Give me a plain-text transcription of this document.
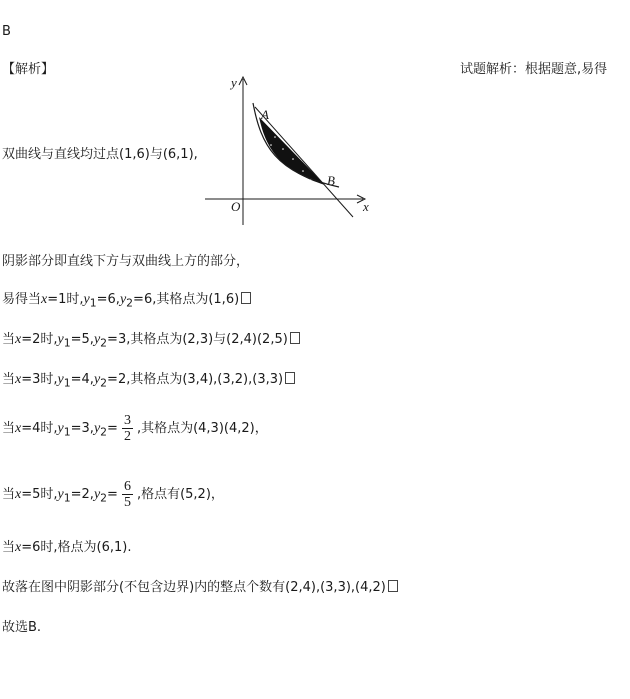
B
【解析】	试题解析：根据题意,易得
双曲线与直线均过点(1,6)与(6,1),
y
x
O
A
B
阴影部分即直线下方与双曲线上方的部分，
易得当x=1时$,y_1=6,y_2=6$,其格点为(1,6)
当x=2时$,y_1=5,y_2=3$,其格点为(2,3)与(2,4)(2,5)
当x=3时$,y_1=4,y_2=2$,其格点为(3,4),(3,2),(3,3)
当x=4时$,y_1=3,y_2= \frac{3}{2}$ ,其格点为(4,3)(4,2)，
当x=5时$,y_1=2,y_2= \frac{6}{5}$ ,格点有(5,2)，
当x=6时,格点为(6,1).
故落在图中阴影部分(不包含边界)内的整点个数有(2,4),(3,3),(4,2)
故选B.
